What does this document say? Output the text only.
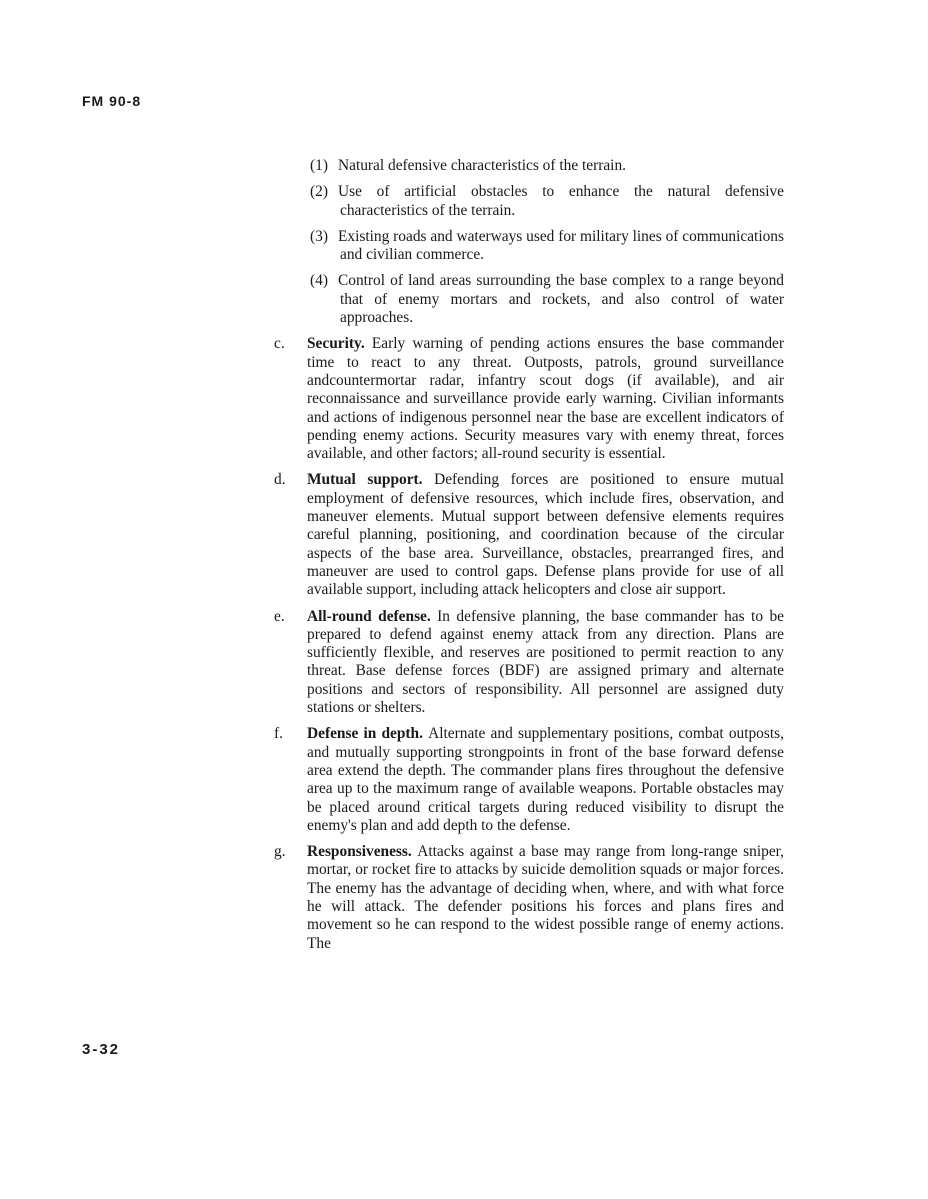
FM 90-8
(1) Natural defensive characteristics of the terrain.
(2) Use of artificial obstacles to enhance the natural defensive characteristics of the terrain.
(3) Existing roads and waterways used for military lines of communications and civilian commerce.
(4) Control of land areas surrounding the base complex to a range beyond that of enemy mortars and rockets, and also control of water approaches.
c. Security. Early warning of pending actions ensures the base commander time to react to any threat. Outposts, patrols, ground surveillance andcountermortar radar, infantry scout dogs (if available), and air reconnaissance and surveillance provide early warning. Civilian informants and actions of indigenous personnel near the base are excellent indicators of pending enemy actions. Security measures vary with enemy threat, forces available, and other factors; all-round security is essential.
d. Mutual support. Defending forces are positioned to ensure mutual employment of defensive resources, which include fires, observation, and maneuver elements. Mutual support between defensive elements requires careful planning, positioning, and coordination because of the circular aspects of the base area. Surveillance, obstacles, prearranged fires, and maneuver are used to control gaps. Defense plans provide for use of all available support, including attack helicopters and close air support.
e. All-round defense. In defensive planning, the base commander has to be prepared to defend against enemy attack from any direction. Plans are sufficiently flexible, and reserves are positioned to permit reaction to any threat. Base defense forces (BDF) are assigned primary and alternate positions and sectors of responsibility. All personnel are assigned duty stations or shelters.
f. Defense in depth. Alternate and supplementary positions, combat outposts, and mutually supporting strongpoints in front of the base forward defense area extend the depth. The commander plans fires throughout the defensive area up to the maximum range of available weapons. Portable obstacles may be placed around critical targets during reduced visibility to disrupt the enemy's plan and add depth to the defense.
g. Responsiveness. Attacks against a base may range from long-range sniper, mortar, or rocket fire to attacks by suicide demolition squads or major forces. The enemy has the advantage of deciding when, where, and with what force he will attack. The defender positions his forces and plans fires and movement so he can respond to the widest possible range of enemy actions. The
3-32
